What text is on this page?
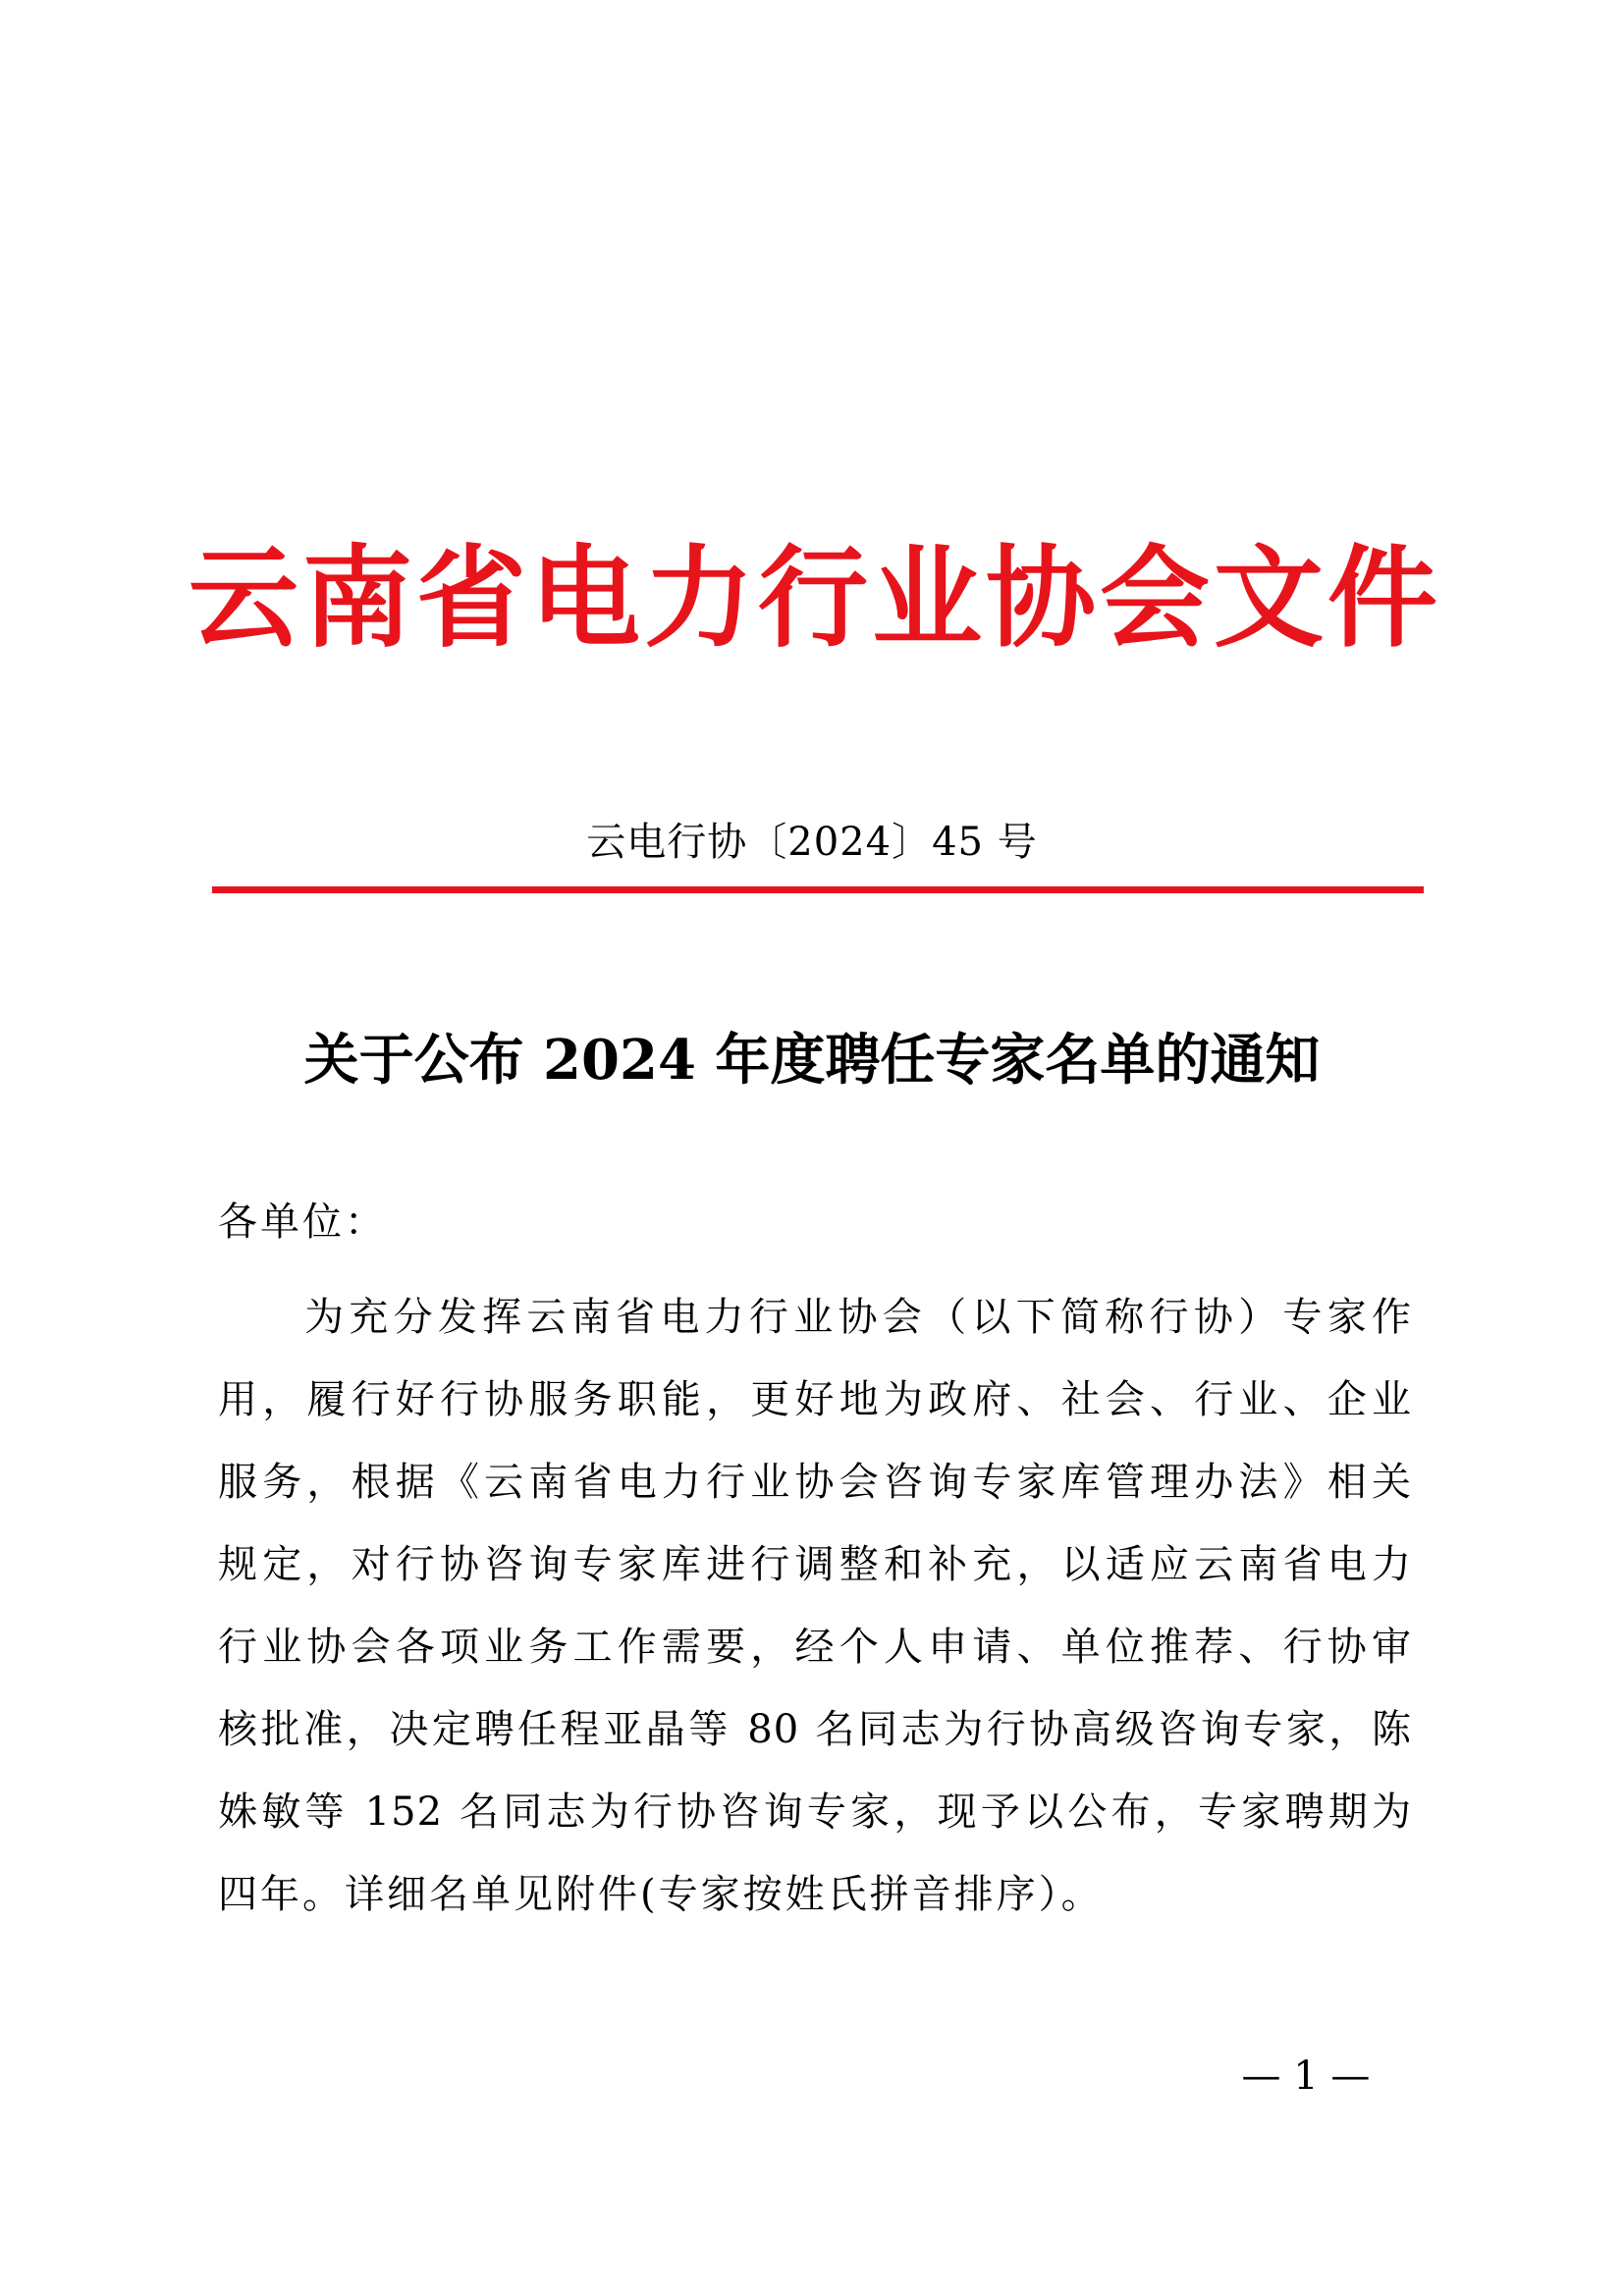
云南省电力行业协会文件
云电行协〔2024〕45 号
关于公布 2024 年度聘任专家名单的通知
各单位：
为充分发挥云南省电力行业协会（以下简称行协）专家作
用，履行好行协服务职能，更好地为政府、社会、行业、企业
服务，根据《云南省电力行业协会咨询专家库管理办法》相关
规定，对行协咨询专家库进行调整和补充，以适应云南省电力
行业协会各项业务工作需要，经个人申请、单位推荐、行协审
核批准，决定聘任程亚晶等 80 名同志为行协高级咨询专家，陈
姝敏等 152 名同志为行协咨询专家，现予以公布，专家聘期为
四年。详细名单见附件(专家按姓氏拼音排序）。
— 1 —
